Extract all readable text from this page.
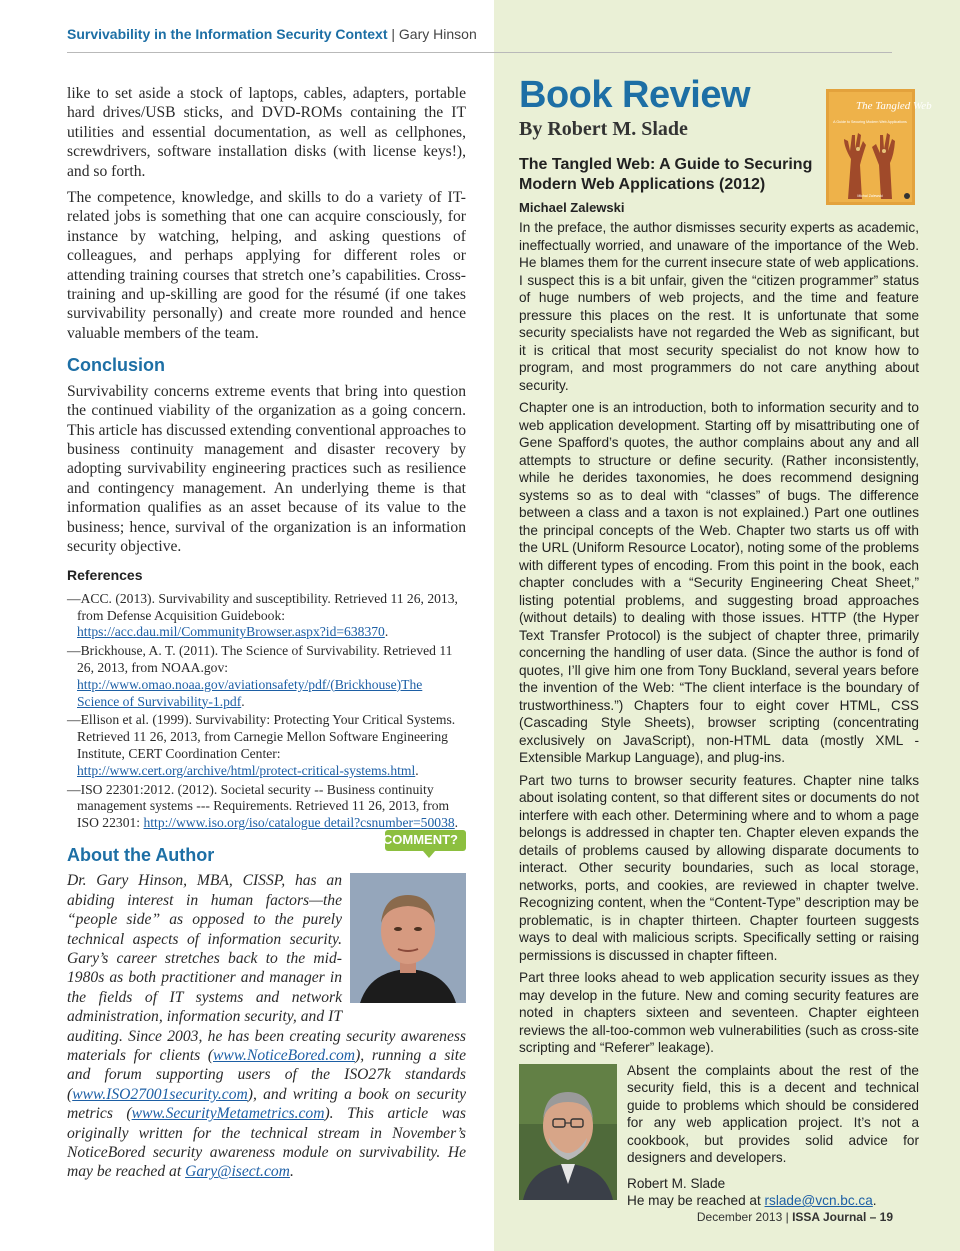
Survivability in the Information Security Context | Gary Hinson

like to set aside a stock of laptops, cables, adapters, portable hard drives/USB sticks, and DVD-ROMs containing the IT utilities and essential documentation, as well as cellphones, screwdrivers, software installation disks (with license keys!), and so forth.

The competence, knowledge, and skills to do a variety of IT-related jobs is something that one can acquire consciously, for instance by watching, helping, and asking questions of colleagues, and perhaps applying for different roles or attending training courses that stretch one’s capabilities. Cross-training and up-skilling are good for the résumé (if one takes survivability personally) and create more rounded and hence valuable members of the team.

Conclusion

Survivability concerns extreme events that bring into question the continued viability of the organization as a going concern. This article has discussed extending conventional approaches to business continuity management and disaster recovery by adopting survivability engineering practices such as resilience and contingency management. An underlying theme is that information qualifies as an asset because of its value to the business; hence, survival of the organization is an information security objective.

References
—ACC. (2013). Survivability and susceptibility. Retrieved 11 26, 2013, from Defense Acquisition Guidebook: https://acc.dau.mil/CommunityBrowser.aspx?id=638370.
—Brickhouse, A. T. (2011). The Science of Survivability. Retrieved 11 26, 2013, from NOAA.gov: http://www.omao.noaa.gov/aviationsafety/pdf/(Brickhouse)The Science of Survivability-1.pdf.
—Ellison et al. (1999). Survivability: Protecting Your Critical Systems. Retrieved 11 26, 2013, from Carnegie Mellon Software Engineering Institute, CERT Coordination Center: http://www.cert.org/archive/html/protect-critical-systems.html.
—ISO 22301:2012. (2012). Societal security -- Business continuity management systems --- Requirements. Retrieved 11 26, 2013, from ISO 22301: http://www.iso.org/iso/catalogue detail?csnumber=50038.
COMMENT?
About the Author
Dr. Gary Hinson, MBA, CISSP, has an abiding interest in human factors—the “people side” as opposed to the purely technical aspects of information security. Gary’s career stretches back to the mid-1980s as both practitioner and manager in the fields of IT systems and network administration, information security, and IT auditing. Since 2003, he has been creating security awareness materials for clients (www.NoticeBored.com), running a site and forum supporting users of the ISO27k standards (www.ISO27001security.com), and writing a book on security metrics (www.SecurityMetametrics.com). This article was originally written for the technical stream in November’s NoticeBored security awareness module on survivability. He may be reached at Gary@isect.com.
Book Review
By Robert M. Slade
The Tangled Web
A Guide to Securing Modern Web Applications
Michal Zalewski
The Tangled Web: A Guide to Securing Modern Web Applications (2012)
Michael Zalewski

In the preface, the author dismisses security experts as academic, ineffectually worried, and unaware of the importance of the Web. He blames them for the current insecure state of web applications. I suspect this is a bit unfair, given the “citizen programmer” status of huge numbers of web projects, and the time and feature pressure this places on the rest. It is unfortunate that some security specialists have not regarded the Web as significant, but it is critical that most security specialist do not know how to program, and most programmers do not care anything about security.

Chapter one is an introduction, both to information security and to web application development. Starting off by misattributing one of Gene Spafford’s quotes, the author complains about any and all attempts to structure or define security. (Rather inconsistently, while he derides taxonomies, he does recommend designing systems so as to deal with “classes” of bugs. The difference between a class and a taxon is not explained.) Part one outlines the principal concepts of the Web. Chapter two starts us off with the URL (Uniform Resource Locator), noting some of the problems with different types of encoding. From this point in the book, each chapter concludes with a “Security Engineering Cheat Sheet,” listing potential problems, and suggesting broad approaches (without details) to dealing with those issues. HTTP (the Hyper Text Transfer Protocol) is the subject of chapter three, primarily concerning the handling of user data. (Since the author is fond of quotes, I’ll give him one from Tony Buckland, several years before the invention of the Web: “The client interface is the boundary of trustworthiness.”) Chapters four to eight cover HTML, CSS (Cascading Style Sheets), browser scripting (concentrating exclusively on JavaScript), non-HTML data (mostly XML - Extensible Markup Language), and plug-ins.

Part two turns to browser security features. Chapter nine talks about isolating content, so that different sites or documents do not interfere with each other. Determining where and to whom a page belongs is addressed in chapter ten. Chapter eleven expands the details of problems caused by allowing disparate documents to interact. Other security boundaries, such as local storage, networks, ports, and cookies, are reviewed in chapter twelve. Recognizing content, when the “Content-Type” description may be problematic, is in chapter thirteen. Chapter fourteen suggests ways to deal with malicious scripts. Specifically setting or raising permissions is discussed in chapter fifteen.

Part three looks ahead to web application security issues as they may develop in the future. New and coming security features are noted in chapters sixteen and seventeen. Chapter eighteen reviews the all-too-common web vulnerabilities (such as cross-site scripting and “Referer” leakage).

Absent the complaints about the rest of the security field, this is a decent and technical guide to problems which should be considered for any web application project. It’s not a cookbook, but provides solid advice for designers and developers.

Robert M. Slade

He may be reached at rslade@vcn.bc.ca.

December 2013 | ISSA Journal – 19
